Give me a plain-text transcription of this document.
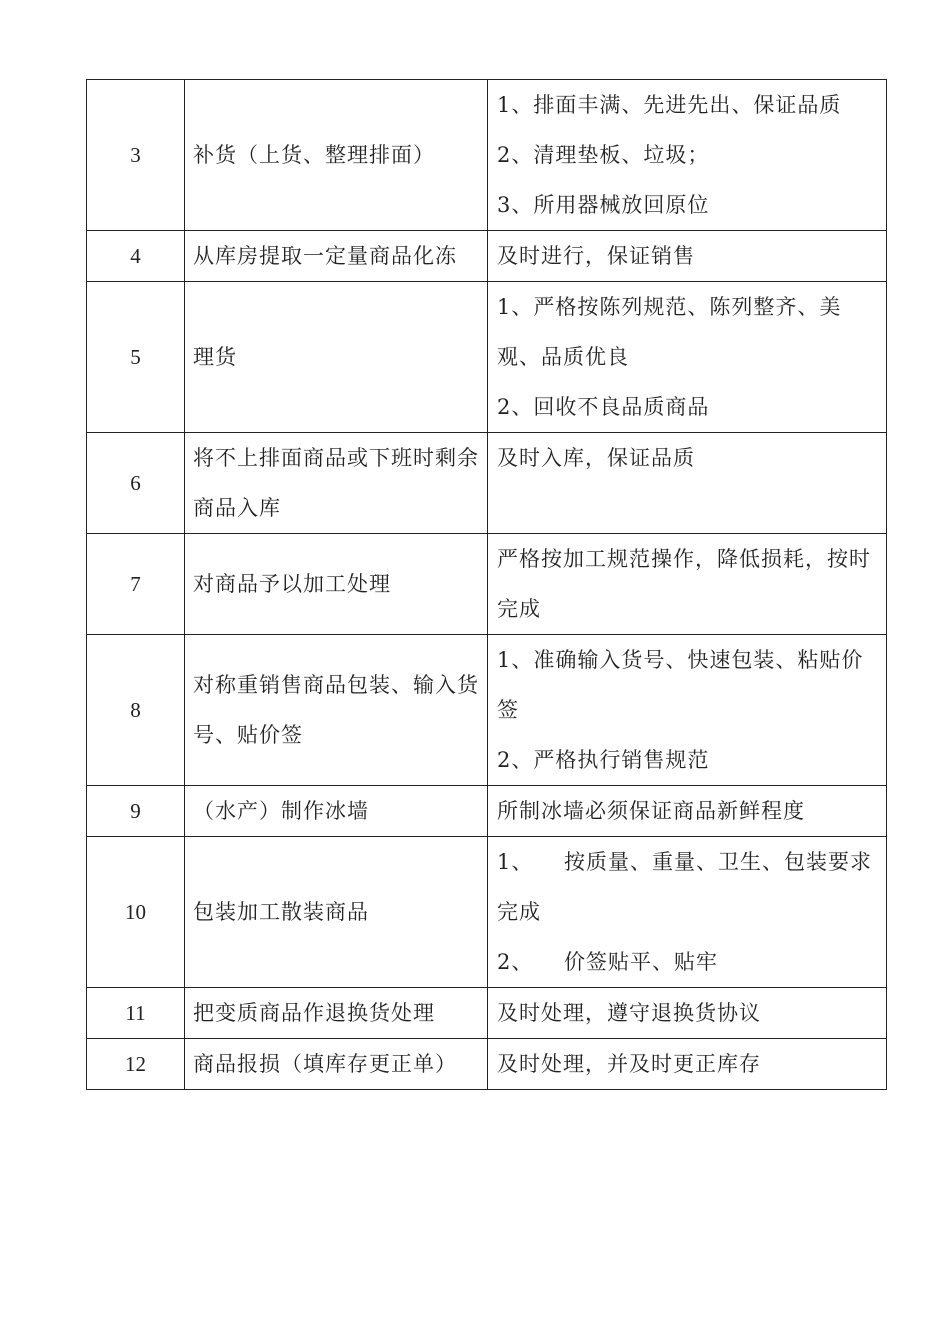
3	补货（上货、整理排面）	1、排面丰满、先进先出、保证品质
2、清理垫板、垃圾；
3、所用器械放回原位

4	从库房提取一定量商品化冻	及时进行，保证销售

5	理货	1、严格按陈列规范、陈列整齐、美观、品质优良
2、回收不良品质商品

6	将不上排面商品或下班时剩余商品入库	及时入库，保证品质

7	对商品予以加工处理	严格按加工规范操作，降低损耗，按时完成

8	对称重销售商品包装、输入货号、贴价签	1、准确输入货号、快速包装、粘贴价签
2、严格执行销售规范

9	（水产）制作冰墙	所制冰墙必须保证商品新鲜程度

10	包装加工散装商品	1、    按质量、重量、卫生、包装要求完成
2、    价签贴平、贴牢

11	把变质商品作退换货处理	及时处理，遵守退换货协议

12	商品报损（填库存更正单）	及时处理，并及时更正库存
